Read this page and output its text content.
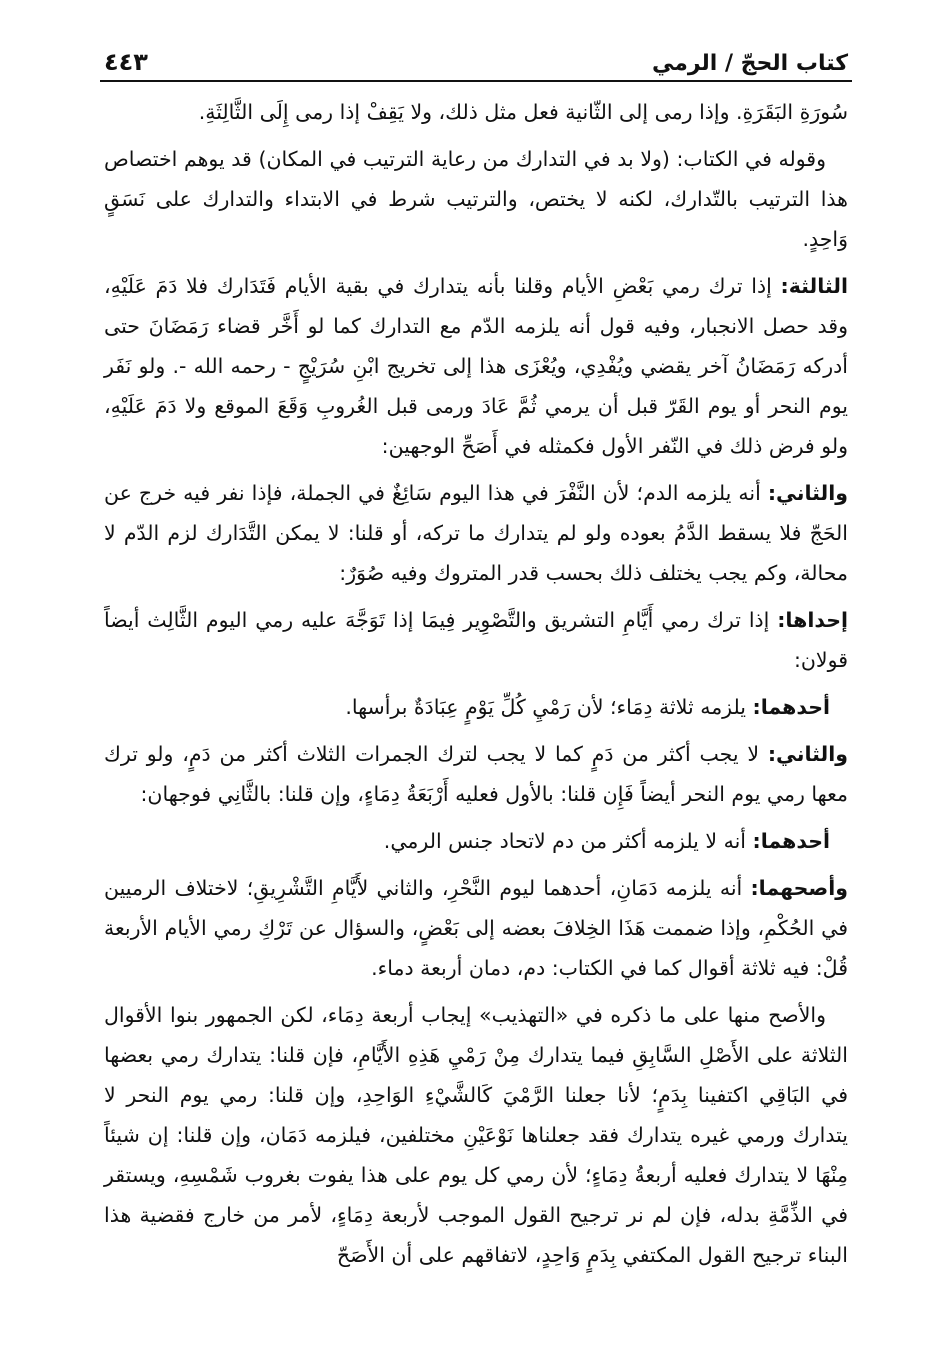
كتاب الحجّ / الرمي
٤٤٣

سُورَةِ البَقَرَةِ. وإذا رمى إلى الثّانية فعل مثل ذلك، ولا يَقِفْ إذا رمى إِلَى الثَّالِثَةِ.

وقوله في الكتاب: (ولا بد في التدارك من رعاية الترتيب في المكان) قد يوهم اختصاص هذا الترتيب بالتّدارك، لكنه لا يختص، والترتيب شرط في الابتداء والتدارك على نَسَقٍ وَاحِدٍ.

الثالثة: إذا ترك رمي بَعْضِ الأيام وقلنا بأنه يتدارك في بقية الأيام فَتَدَارك فلا دَمَ عَلَيْهِ، وقد حصل الانجبار، وفيه قول أنه يلزمه الدّم مع التدارك كما لو أَخَّر قضاء رَمَضَانَ حتى أدركه رَمَضَانُ آخر يقضي ويُفْدِي، ويُعْزَى هذا إلى تخريج ابْنِ سُرَيْجٍ - رحمه الله -. ولو نَفَر يوم النحر أو يوم القَرّ قبل أن يرمي ثُمَّ عَادَ ورمى قبل الغُروبِ وَقَعَ الموقع ولا دَمَ عَلَيْهِ، ولو فرض ذلك في النّفر الأول فكمثله في أَصَحِّ الوجهين:

والثاني: أنه يلزمه الدم؛ لأن النَّفْرَ في هذا اليوم سَائِغٌ في الجملة، فإذا نفر فيه خرج عن الحَجّ فلا يسقط الدَّمُ بعوده ولو لم يتدارك ما تركه، أو قلنا: لا يمكن التَّدَارك لزم الدّم لا محالة، وكم يجب يختلف ذلك بحسب قدر المتروك وفيه صُوَرٌ:

إحداها: إذا ترك رمي أَيَّامِ التشريق والتَّصْوِير فِيمَا إذا تَوَجَّهَ عليه رمي اليوم الثَّالِث أيضاً قولان:

أحدهما: يلزمه ثلاثة دِمَاء؛ لأن رَمْيِ كُلِّ يَوْمٍ عِبَادَةٌ برأسها.

والثاني: لا يجب أكثر من دَمٍ كما لا يجب لترك الجمرات الثلاث أكثر من دَمٍ، ولو ترك معها رمي يوم النحر أيضاً فَإِن قلنا: بالأول فعليه أَرْبَعَةُ دِمَاءٍ، وإن قلنا: بالثَّانِي فوجهان:

أحدهما: أنه لا يلزمه أكثر من دم لاتحاد جنس الرمي.

وأصحهما: أنه يلزمه دَمَانِ، أحدهما ليوم النَّحْرِ، والثاني لأَيَّامِ التَّشْرِيقِ؛ لاختلاف الرميين في الحُكْمِ، وإذا ضممت هَذَا الخِلافَ بعضه إلى بَعْضٍ، والسؤال عن تَرْكِ رمي الأيام الأربعة قُلْ: فيه ثلاثة أقوال كما في الكتاب: دم، دمان أربعة دماء.

والأصح منها على ما ذكره في «التهذيب» إيجاب أربعة دِمَاء، لكن الجمهور بنوا الأقوال الثلاثة على الأَصْلِ السَّابِقِ فيما يتدارك مِنْ رَمْيِ هَذِهِ الأَيَّامِ، فإن قلنا: يتدارك رمي بعضها في البَاقِي اكتفينا بِدَمٍ؛ لأنا جعلنا الرَّمْيَ كَالشَّيْءِ الوَاحِدِ، وإن قلنا: رمي يوم النحر لا يتدارك ورمي غيره يتدارك فقد جعلناها نَوْعَيْنِ مختلفين، فيلزمه دَمَان، وإن قلنا: إن شيئاً مِنْهَا لا يتدارك فعليه أربعةُ دِمَاءٍ؛ لأن رمي كل يوم على هذا يفوت بغروب شَمْسِهِ، ويستقر في الذِّمَّةِ بدله، فإن لم نر ترجيح القول الموجب لأربعة دِمَاءٍ، لأمر من خارج فقضية هذا البناء ترجيح القول المكتفي بِدَمٍ وَاحِدٍ، لاتفاقهم على أن الأَصَحّ
